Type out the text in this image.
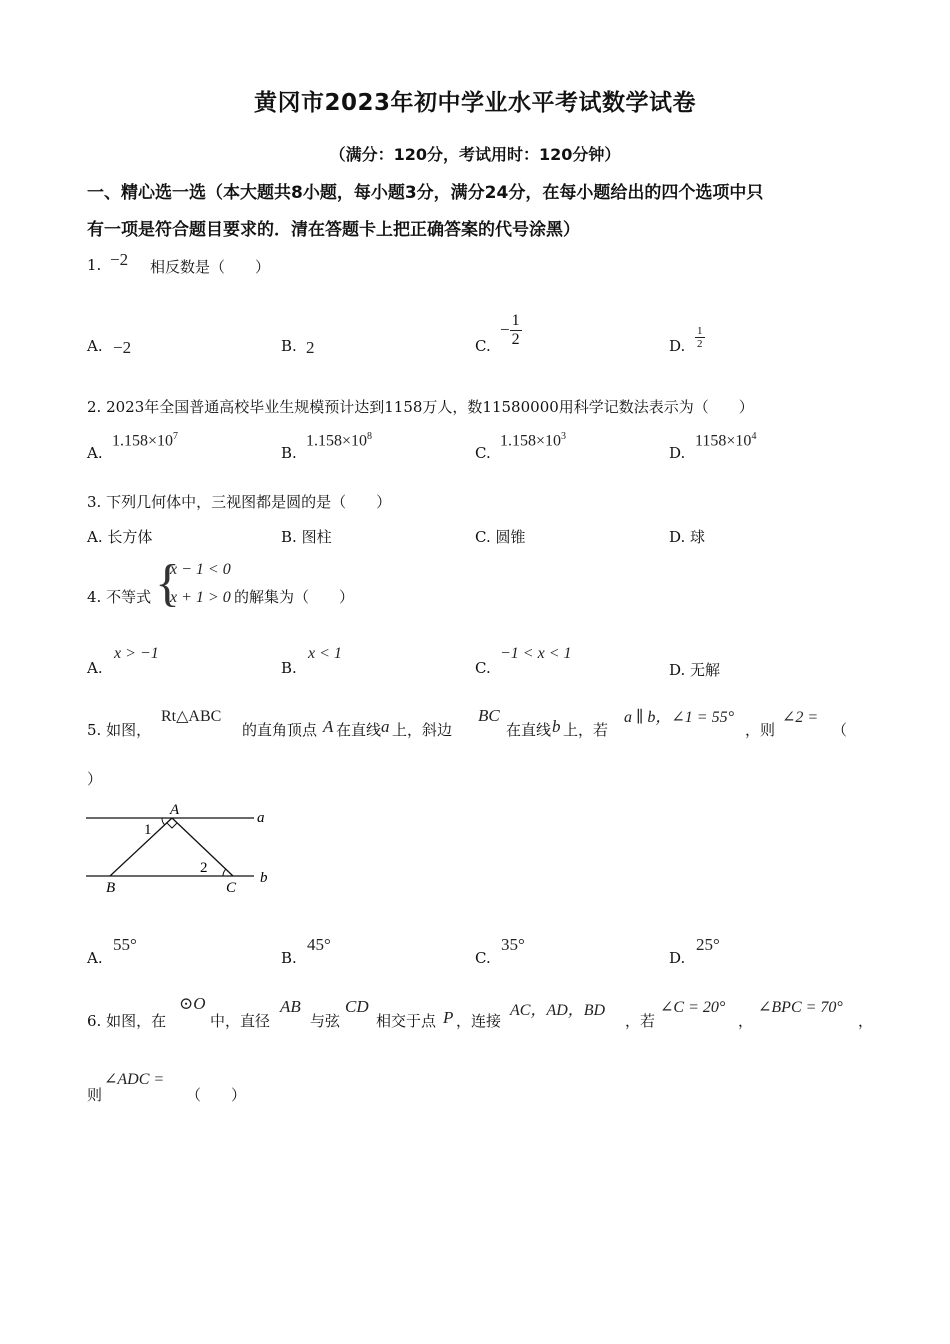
黄冈市2023年初中学业水平考试数学试卷
（满分：120分，考试用时：120分钟）
一、精心选一选（本大题共8小题，每小题3分，满分24分，在每小题给出的四个选项中只
有一项是符合题目要求的．清在答题卡上把正确答案的代号涂黑）
1. −2 相反数是（　　）
A. −2	B. 2	C.
− $\frac{1}{2}$	D. $\frac{1}{2}$
2. 2023年全国普通高校毕业生规模预计达到1158万人，数11580000用科学记数法表示为（　　）
A.
$1.158\times 10^7$
B.
$1.158\times 10^8$
C.
$1.158\times 10^3$
D.
$1158\times 10^4$
3. 下列几何体中，三视图都是圆的是（　　）
A. 长方体	B. 图柱	C. 圆锥	D. 球
4. 不等式 {
x − 1 < 0
x + 1 > 0 的解集为（　　）
A.
x > −1
B.
x < 1
C.
−1 < x < 1
D. 无解
5. 如图，
Rt△ABC
的直角顶点 A 在直线 a 上，斜边
BC
在直线 b 上，若
a ∥ b，∠1 = 55°
，则
∠2 =
（
）
A
1
2
B	C
a
b
A.
55°
B.
45°
C.
35°
D.
25°
6. 如图，在
⊙O
中，直径
AB
与弦
CD
相交于点 P ，连接
AC，AD，BD
，若
∠C = 20°
，
∠BPC = 70°
，
则
∠ADC =
（　　）
